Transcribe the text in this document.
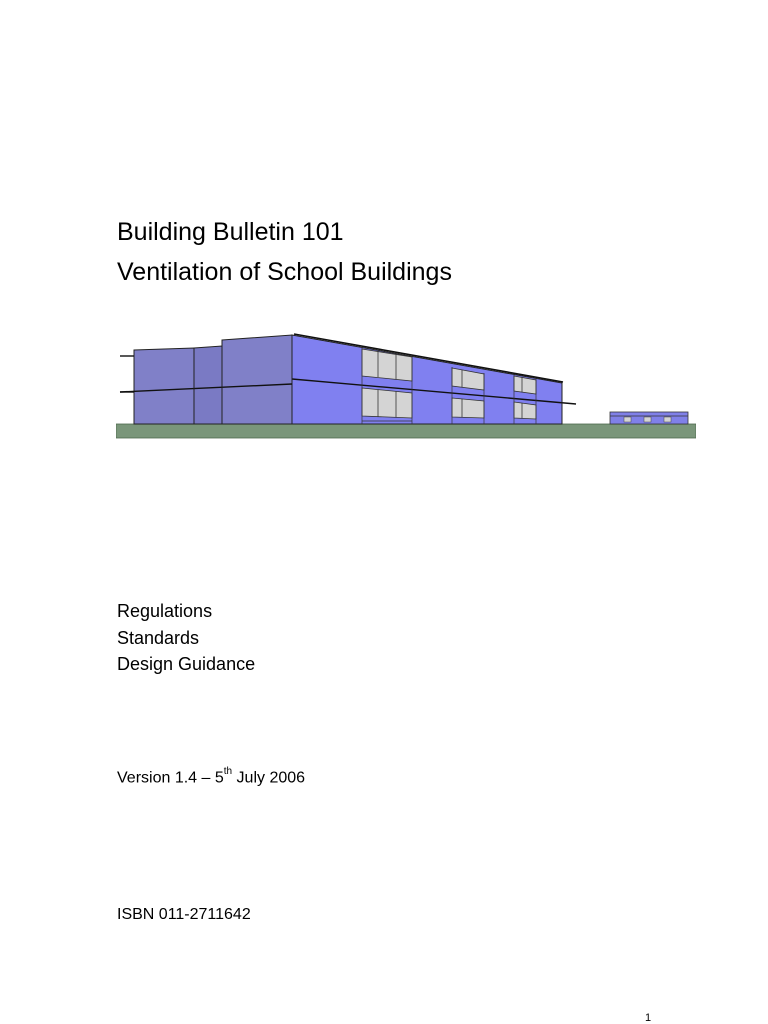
Building Bulletin 101
Ventilation of School Buildings
Regulations
Standards
Design Guidance
Version 1.4 – 5th July 2006
ISBN 011-2711642
1
